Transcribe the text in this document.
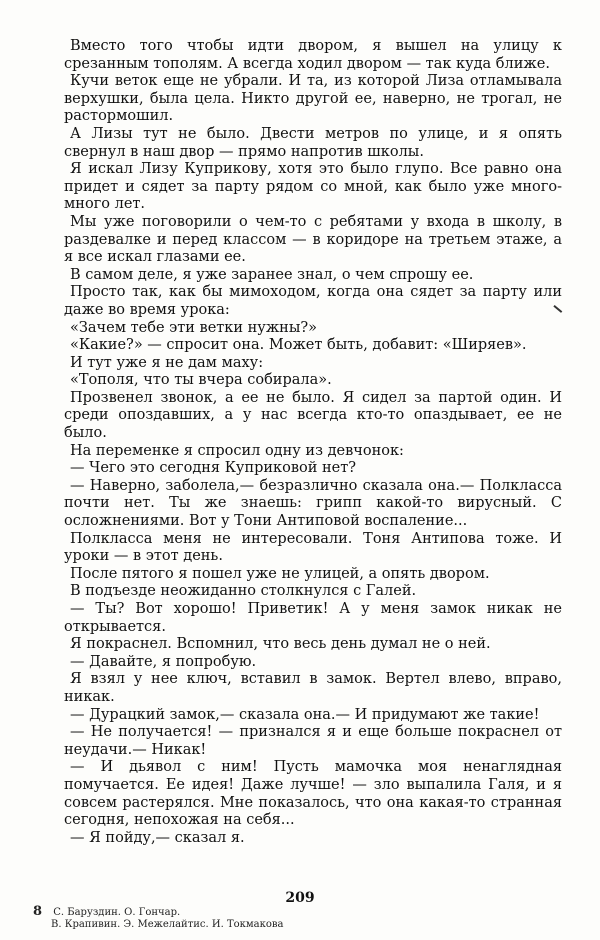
Вместо того чтобы идти двором, я вышел на улицу к срезанным тополям. А всегда ходил двором — так куда ближе.

Кучи веток еще не убрали. И та, из которой Лиза отламывала верхушки, была цела. Никто другой ее, наверно, не трогал, не растормошил.

А Лизы тут не было. Двести метров по улице, и я опять свернул в наш двор — прямо напротив школы.

Я искал Лизу Куприкову, хотя это было глупо. Все равно она придет и сядет за парту рядом со мной, как было уже много-много лет.

Мы уже поговорили о чем-то с ребятами у входа в школу, в раздевалке и перед классом — в коридоре на третьем этаже, а я все искал глазами ее.

В самом деле, я уже заранее знал, о чем спрошу ее.

Просто так, как бы мимоходом, когда она сядет за парту или даже во время урока:

«Зачем тебе эти ветки нужны?»

«Какие?» — спросит она. Может быть, добавит: «Ширяев».

И тут уже я не дам маху:

«Тополя, что ты вчера собирала».

Прозвенел звонок, а ее не было. Я сидел за партой один. И среди опоздавших, а у нас всегда кто-то опаздывает, ее не было.

На переменке я спросил одну из девчонок:

— Чего это сегодня Куприковой нет?

— Наверно, заболела,— безразлично сказала она.— Полкласса почти нет. Ты же знаешь: грипп какой-то вирусный. С осложнениями. Вот у Тони Антиповой воспаление...

Полкласса меня не интересовали. Тоня Антипова тоже. И уроки — в этот день.

После пятого я пошел уже не улицей, а опять двором.

В подъезде неожиданно столкнулся с Галей.

— Ты? Вот хорошо! Приветик! А у меня замок никак не открывается.

Я покраснел. Вспомнил, что весь день думал не о ней.

— Давайте, я попробую.

Я взял у нее ключ, вставил в замок. Вертел влево, вправо, никак.

— Дурацкий замок,— сказала она.— И придумают же такие!

— Не получается! — признался я и еще больше покраснел от неудачи.— Никак!

— И дьявол с ним! Пусть мамочка моя ненаглядная помучается. Ее идея! Даже лучше! — зло выпалила Галя, и я совсем растерялся. Мне показалось, что она какая-то странная сегодня, непохожая на себя...

— Я пойду,— сказал я.

209
8 С. Баруздин. О. Гончар.
В. Крапивин. Э. Межелайтис. И. Токмакова
